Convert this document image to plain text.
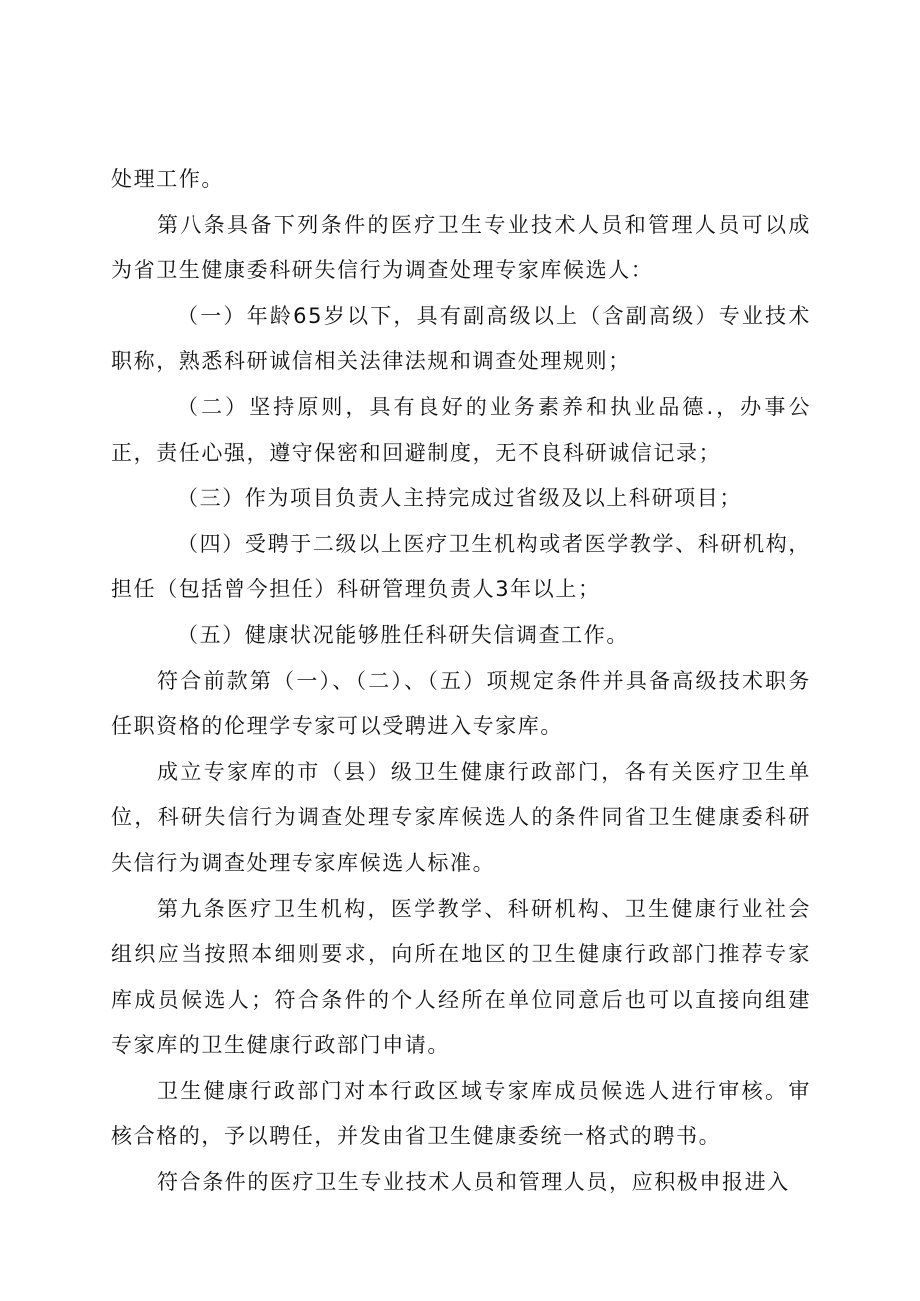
处理工作。

第八条具备下列条件的医疗卫生专业技术人员和管理人员可以成为省卫生健康委科研失信行为调查处理专家库候选人：

（一）年龄65岁以下，具有副高级以上（含副高级）专业技术职称，熟悉科研诚信相关法律法规和调查处理规则；

（二）坚持原则，具有良好的业务素养和执业品德.，办事公正，责任心强，遵守保密和回避制度，无不良科研诚信记录；

（三）作为项目负责人主持完成过省级及以上科研项目；

（四）受聘于二级以上医疗卫生机构或者医学教学、科研机构，担任（包括曾今担任）科研管理负责人3年以上；

（五）健康状况能够胜任科研失信调查工作。

符合前款第（一）、（二）、（五）项规定条件并具备高级技术职务任职资格的伦理学专家可以受聘进入专家库。

成立专家库的市（县）级卫生健康行政部门，各有关医疗卫生单位，科研失信行为调查处理专家库候选人的条件同省卫生健康委科研失信行为调查处理专家库候选人标准。

第九条医疗卫生机构，医学教学、科研机构、卫生健康行业社会组织应当按照本细则要求，向所在地区的卫生健康行政部门推荐专家库成员候选人；符合条件的个人经所在单位同意后也可以直接向组建专家库的卫生健康行政部门申请。

卫生健康行政部门对本行政区域专家库成员候选人进行审核。审核合格的，予以聘任，并发由省卫生健康委统一格式的聘书。

符合条件的医疗卫生专业技术人员和管理人员，应积极申报进入
